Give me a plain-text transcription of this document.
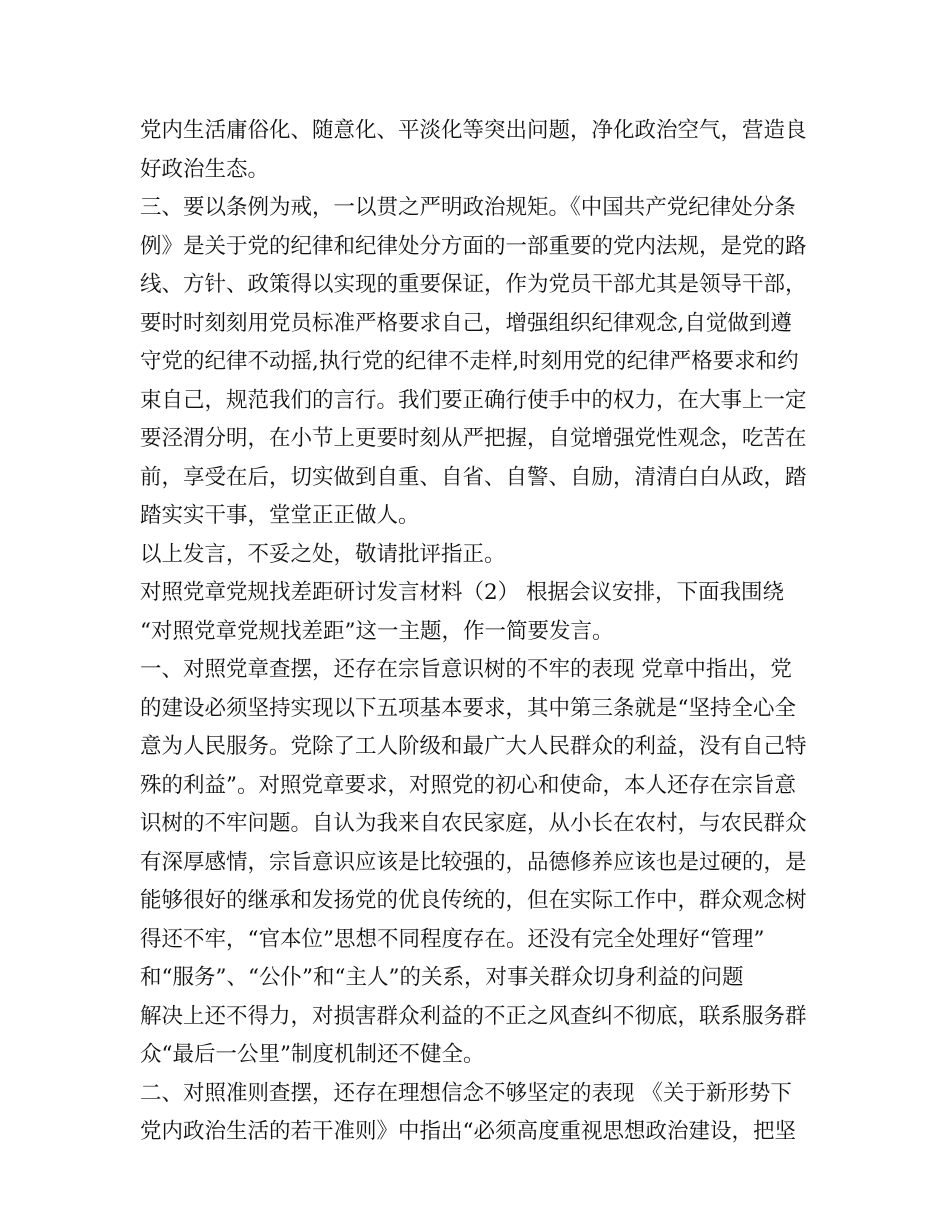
党内生活庸俗化、随意化、平淡化等突出问题，净化政治空气，营造良
好政治生态。
三、要以条例为戒，一以贯之严明政治规矩。《中国共产党纪律处分条
例》是关于党的纪律和纪律处分方面的一部重要的党内法规，是党的路
线、方针、政策得以实现的重要保证，作为党员干部尤其是领导干部，
要时时刻刻用党员标准严格要求自己，增强组织纪律观念,自觉做到遵
守党的纪律不动摇,执行党的纪律不走样,时刻用党的纪律严格要求和约
束自己，规范我们的言行。我们要正确行使手中的权力，在大事上一定
要泾渭分明，在小节上更要时刻从严把握，自觉增强党性观念，吃苦在
前，享受在后，切实做到自重、自省、自警、自励，清清白白从政，踏
踏实实干事，堂堂正正做人。
以上发言，不妥之处，敬请批评指正。
对照党章党规找差距研讨发言材料（2） 根据会议安排，下面我围绕
“对照党章党规找差距”这一主题，作一简要发言。
一、对照党章查摆，还存在宗旨意识树的不牢的表现 党章中指出，党
的建设必须坚持实现以下五项基本要求，其中第三条就是“坚持全心全
意为人民服务。党除了工人阶级和最广大人民群众的利益，没有自己特
殊的利益”。对照党章要求，对照党的初心和使命，本人还存在宗旨意
识树的不牢问题。自认为我来自农民家庭，从小长在农村，与农民群众
有深厚感情，宗旨意识应该是比较强的，品德修养应该也是过硬的，是
能够很好的继承和发扬党的优良传统的，但在实际工作中，群众观念树
得还不牢，“官本位”思想不同程度存在。还没有完全处理好“管理”
和“服务”、“公仆”和“主人”的关系，对事关群众切身利益的问题
解决上还不得力，对损害群众利益的不正之风查纠不彻底，联系服务群
众“最后一公里”制度机制还不健全。
二、对照准则查摆，还存在理想信念不够坚定的表现 《关于新形势下
党内政治生活的若干准则》中指出“必须高度重视思想政治建设，把坚
